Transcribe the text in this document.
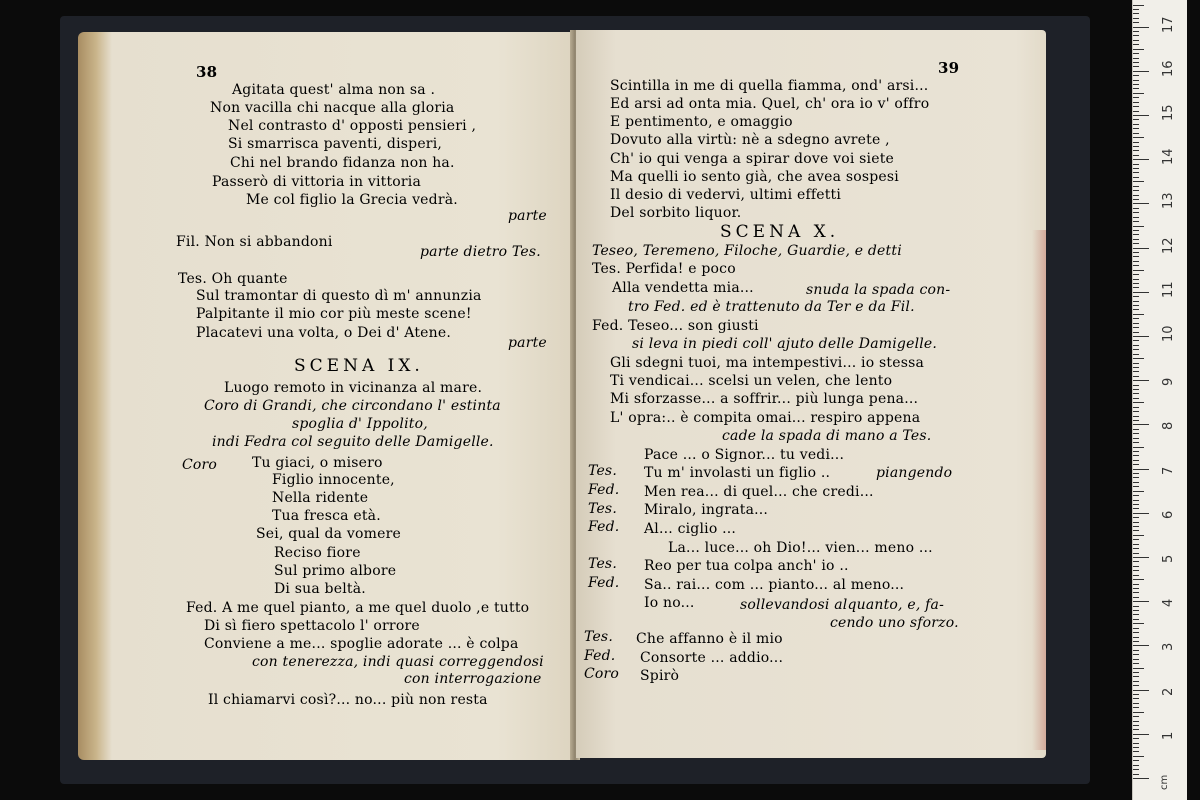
38
Agitata quest' alma non sa .
Non vacilla chi nacque alla gloria
Nel contrasto d' opposti pensieri ,
Si smarrisca paventi, disperi,
Chi nel brando fidanza non ha.
Passerò di vittoria in vittoria
Me col figlio la Grecia vedrà.
parte
Fil. Non si abbandoni
parte dietro Tes.
Tes. Oh quante
Sul tramontar di questo dì m' annunzia
Palpitante il mio cor più meste scene!
Placatevi una volta, o Dei d' Atene.
parte
SCENA IX.
Luogo remoto in vicinanza al mare.
Coro di Grandi, che circondano l' estinta
spoglia d' Ippolito,
indi Fedra col seguito delle Damigelle.
Coro Tu giaci, o misero
Figlio innocente,
Nella ridente
Tua fresca età.
Sei, qual da vomere
Reciso fiore
Sul primo albore
Di sua beltà.
Fed. A me quel pianto, a me quel duolo ,e tutto
Di sì fiero spettacolo l' orrore
Conviene a me... spoglie adorate ... è colpa
con tenerezza, indi quasi correggendosi
con interrogazione
Il chiamarvi così?... no... più non resta
39
Scintilla in me di quella fiamma, ond' arsi...
Ed arsi ad onta mia. Quel, ch' ora io v' offro
E pentimento, e omaggio
Dovuto alla virtù: nè a sdegno avrete ,
Ch' io qui venga a spirar dove voi siete
Ma quelli io sento già, che avea sospesi
Il desio di vedervi, ultimi effetti
Del sorbito liquor.
SCENA X.
Teseo, Teremeno, Filoche, Guardie, e detti
Tes. Perfida! e poco
Alla vendetta mia...	snuda la spada con-
tro Fed. ed è trattenuto da Ter e da Fil.
Fed. Teseo... son giusti
si leva in piedi coll' ajuto delle Damigelle.
Gli sdegni tuoi, ma intempestivi... io stessa
Ti vendicai... scelsi un velen, che lento
Mi sforzasse... a soffrir... più lunga pena...
L' opra:.. è compita omai... respiro appena
cade la spada di mano a Tes.
Pace ... o Signor... tu vedi...
Tes. Tu m' involasti un figlio ..	piangendo
Fed. Men rea... di quel... che credi...
Tes. Miralo, ingrata...
Fed. Al... ciglio ...
La... luce... oh Dio!... vien... meno ...
Tes. Reo per tua colpa anch' io ..
Fed. Sa.. rai... com ... pianto... al meno...
Io no...	sollevandosi alquanto, e, fa-
cendo uno sforzo.
Tes. Che affanno è il mio
Fed. Consorte ... addio...
Coro Spirò
1
2
3
4
5
6
7
8
9
10
11
12
13
14
15
16
17
cm
